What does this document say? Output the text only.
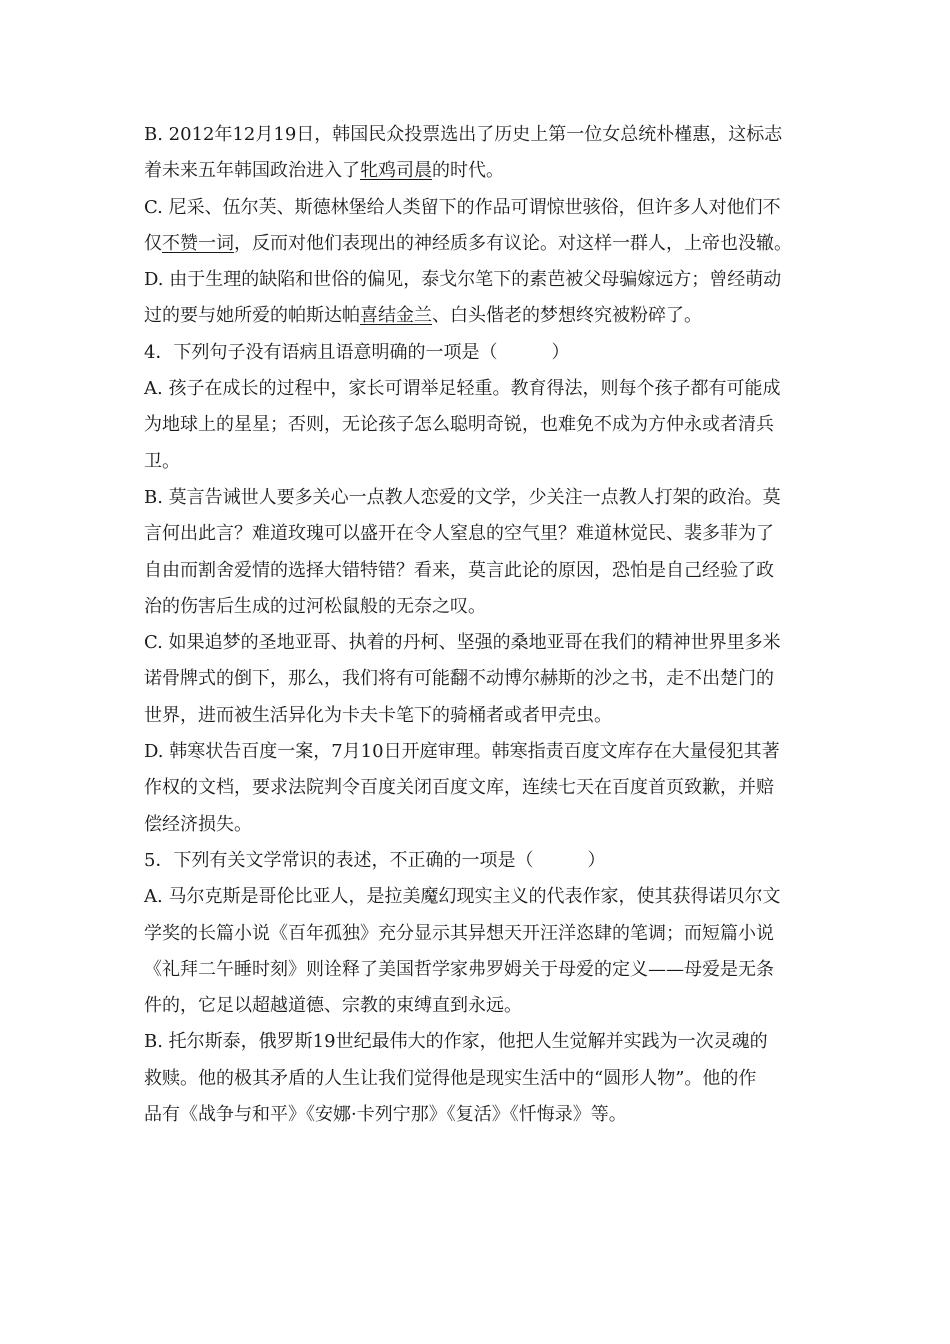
B. 2012年12月19日，韩国民众投票选出了历史上第一位女总统朴槿惠，这标志
着未来五年韩国政治进入了牝鸡司晨的时代。
C. 尼采、伍尔芙、斯德林堡给人类留下的作品可谓惊世骇俗，但许多人对他们不
仅不赞一词，反而对他们表现出的神经质多有议论。对这样一群人，上帝也没辙。
D. 由于生理的缺陷和世俗的偏见，泰戈尔笔下的素芭被父母骗嫁远方；曾经萌动
过的要与她所爱的帕斯达帕喜结金兰、白头偕老的梦想终究被粉碎了。
4．下列句子没有语病且语意明确的一项是（　　　）
A. 孩子在成长的过程中，家长可谓举足轻重。教育得法，则每个孩子都有可能成
为地球上的星星；否则，无论孩子怎么聪明奇锐，也难免不成为方仲永或者清兵
卫。
B. 莫言告诫世人要多关心一点教人恋爱的文学，少关注一点教人打架的政治。莫
言何出此言？难道玫瑰可以盛开在令人窒息的空气里？难道林觉民、裴多菲为了
自由而割舍爱情的选择大错特错？看来，莫言此论的原因，恐怕是自己经验了政
治的伤害后生成的过河松鼠般的无奈之叹。
C. 如果追梦的圣地亚哥、执着的丹柯、坚强的桑地亚哥在我们的精神世界里多米
诺骨牌式的倒下，那么，我们将有可能翻不动博尔赫斯的沙之书，走不出楚门的
世界，进而被生活异化为卡夫卡笔下的骑桶者或者甲壳虫。
D. 韩寒状告百度一案，7月10日开庭审理。韩寒指责百度文库存在大量侵犯其著
作权的文档，要求法院判令百度关闭百度文库，连续七天在百度首页致歉，并赔
偿经济损失。
5．下列有关文学常识的表述，不正确的一项是（　　　）
A. 马尔克斯是哥伦比亚人，是拉美魔幻现实主义的代表作家，使其获得诺贝尔文
学奖的长篇小说《百年孤独》充分显示其异想天开汪洋恣肆的笔调；而短篇小说
《礼拜二午睡时刻》则诠释了美国哲学家弗罗姆关于母爱的定义——母爱是无条
件的，它足以超越道德、宗教的束缚直到永远。
B. 托尔斯泰，俄罗斯19世纪最伟大的作家，他把人生觉解并实践为一次灵魂的
救赎。他的极其矛盾的人生让我们觉得他是现实生活中的“圆形人物”。他的作
品有《战争与和平》《安娜·卡列宁那》《复活》《忏悔录》等。
